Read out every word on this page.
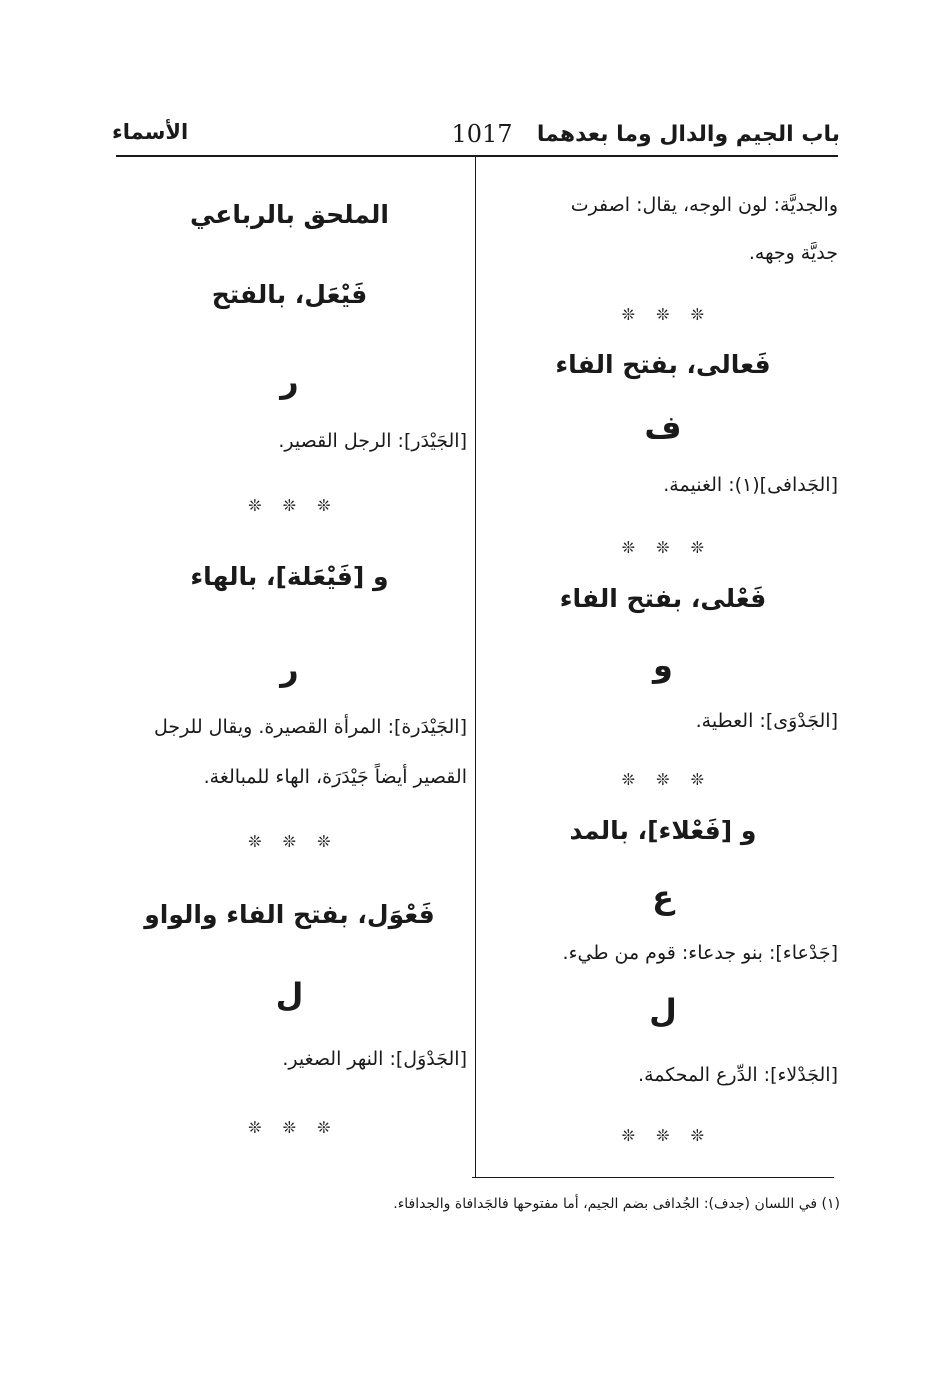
باب الجيم والدال وما بعدهما
1017
الأسماء
والجديَّة: لون الوجه، يقال: اصفرت
جديَّة وجهه.
❊ ❊ ❊
فَعالى، بفتح الفاء
ف
[الجَدافى](١): الغنيمة.
❊ ❊ ❊
فَعْلى، بفتح الفاء
و
[الجَدْوَى]: العطية.
❊ ❊ ❊
و [فَعْلاء]، بالمد
ع
[جَدْعاء]: بنو جدعاء: قوم من طيء.
ل
[الجَدْلاء]: الدِّرع المحكمة.
❊ ❊ ❊
الملحق بالرباعي
فَيْعَل، بالفتح
ر
[الجَيْدَر]: الرجل القصير.
❊ ❊ ❊
و [فَيْعَلة]، بالهاء
ر
[الجَيْدَرة]: المرأة القصيرة. ويقال للرجل
القصير أيضاً جَيْدَرَة، الهاء للمبالغة.
❊ ❊ ❊
فَعْوَل، بفتح الفاء والواو
ل
[الجَدْوَل]: النهر الصغير.
❊ ❊ ❊
(١) في اللسان (جدف): الجُدافى بضم الجيم، أما مفتوحها فالجَدافاة والجدافاء.
